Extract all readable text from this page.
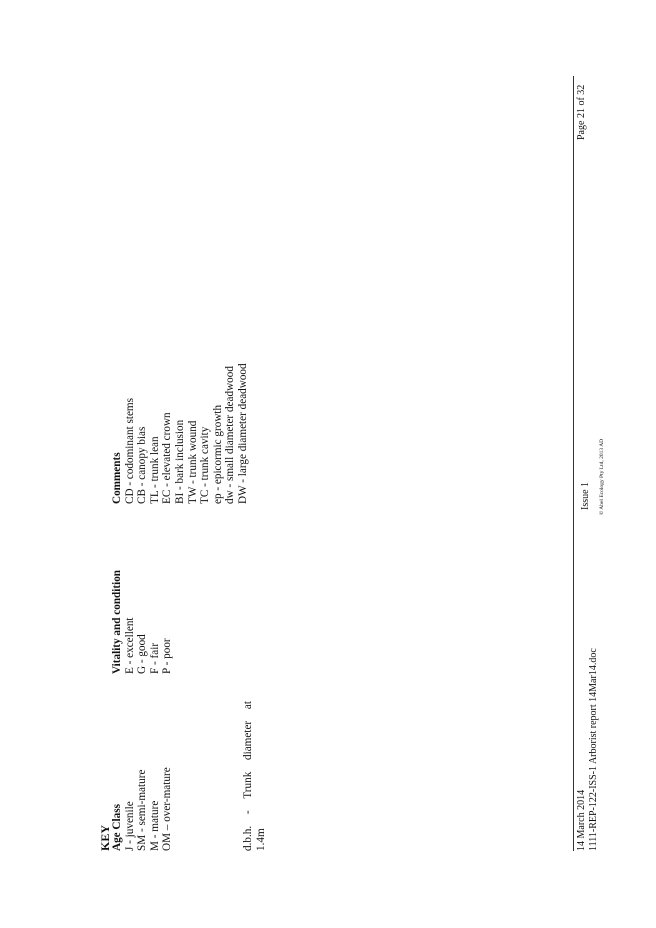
KEY Age Class J - juvenile SM - semi-mature M - mature OM – over-mature
Vitality and condition E - excellent G - good F - fair P - poor
Comments CD - codominant stems CB - canopy bias TL - trunk lean EC - elevated crown BI - bark inclusion TW - trunk wound TC - trunk cavity ep - epicormic growth dw - small diameter deadwood DW - large diameter deadwood
d.b.h.
-
Trunk
diameter
at
1.4m	14 March 2014 1111-REP-122-ISS-1 Arborist report 14Mar14.doc
Issue 1 © Abel Ecology Pty Ltd, 2013 AD
Page 21 of 32
